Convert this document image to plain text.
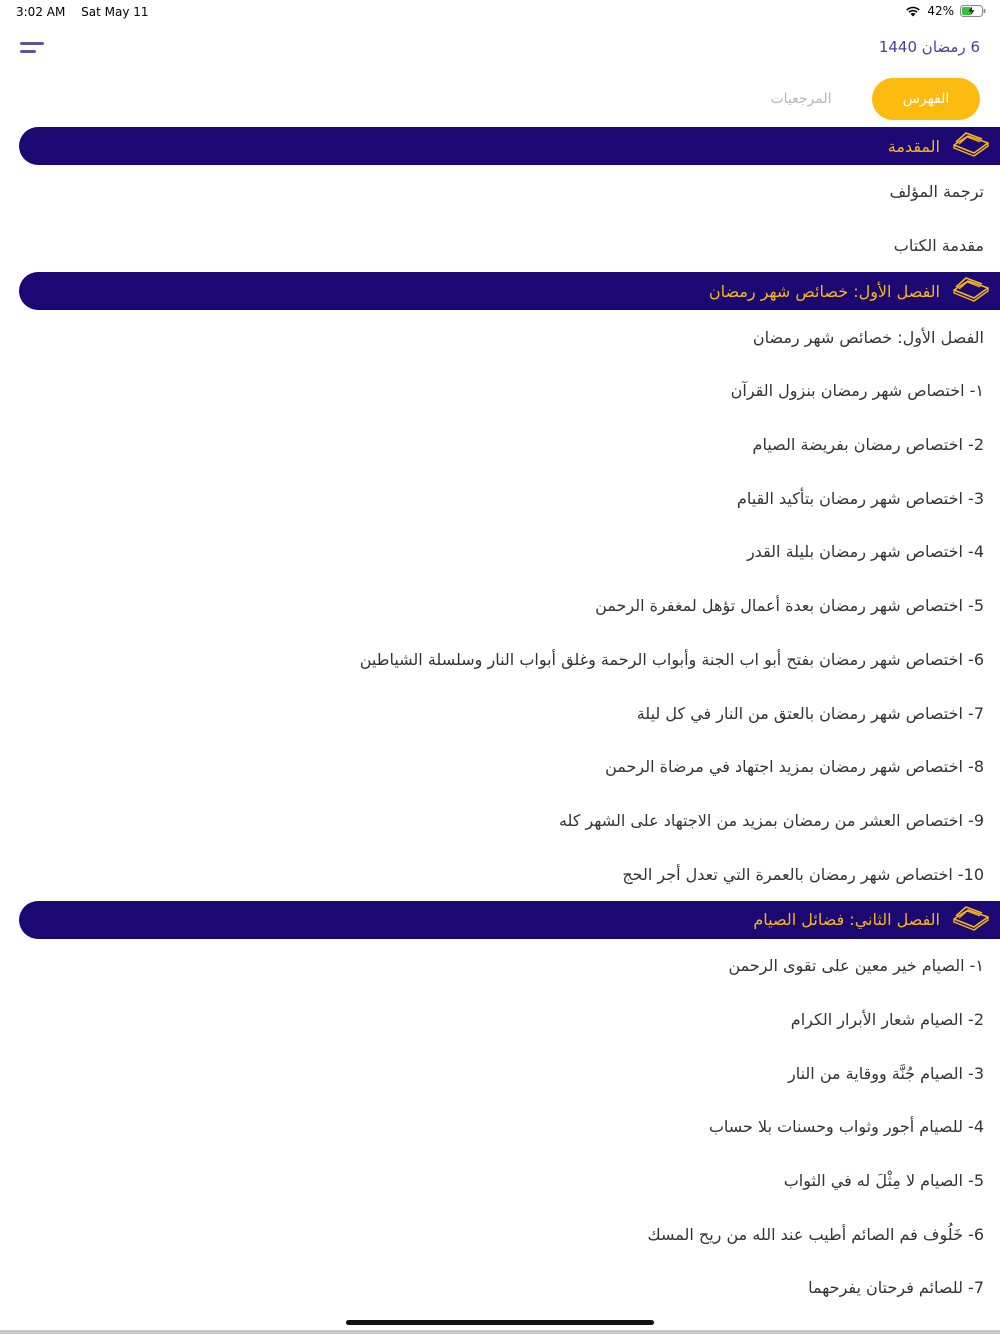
3:02 AM Sat May 11	42%
6 رمضان 1440
الفهرس
المرجعيات
المقدمة
ترجمة المؤلف
مقدمة الكتاب
الفصل الأول: خصائص شهر رمضان
الفصل الأول: خصائص شهر رمضان
١- اختصاص شهر رمضان بنزول القرآن
2- اختصاص رمضان بفريضة الصيام
3- اختصاص شهر رمضان بتأكيد القيام
4- اختصاص شهر رمضان بليلة القدر
5- اختصاص شهر رمضان بعدة أعمال تؤهل لمغفرة الرحمن
6- اختصاص شهر رمضان بفتح أبو اب الجنة وأبواب الرحمة وغلق أبواب النار وسلسلة الشياطين
7- اختصاص شهر رمضان بالعتق من النار في كل ليلة
8- اختصاص شهر رمضان بمزيد اجتهاد في مرضاة الرحمن
9- اختصاص العشر من رمضان بمزيد من الاجتهاد على الشهر كله
10- اختصاص شهر رمضان بالعمرة التي تعدل أجر الحج
الفصل الثاني: فضائل الصيام
١- الصيام خير معين على تقوى الرحمن
2- الصيام شعار الأبرار الكرام
3- الصيام جُنَّة ووقاية من النار
4- للصيام أجور وثواب وحسنات بلا حساب
5- الصيام لا مِثْلَ له في الثواب
6- خَلُوف فم الصائم أطيب عند الله من ريح المسك
7- للصائم فرحتان يفرحهما
